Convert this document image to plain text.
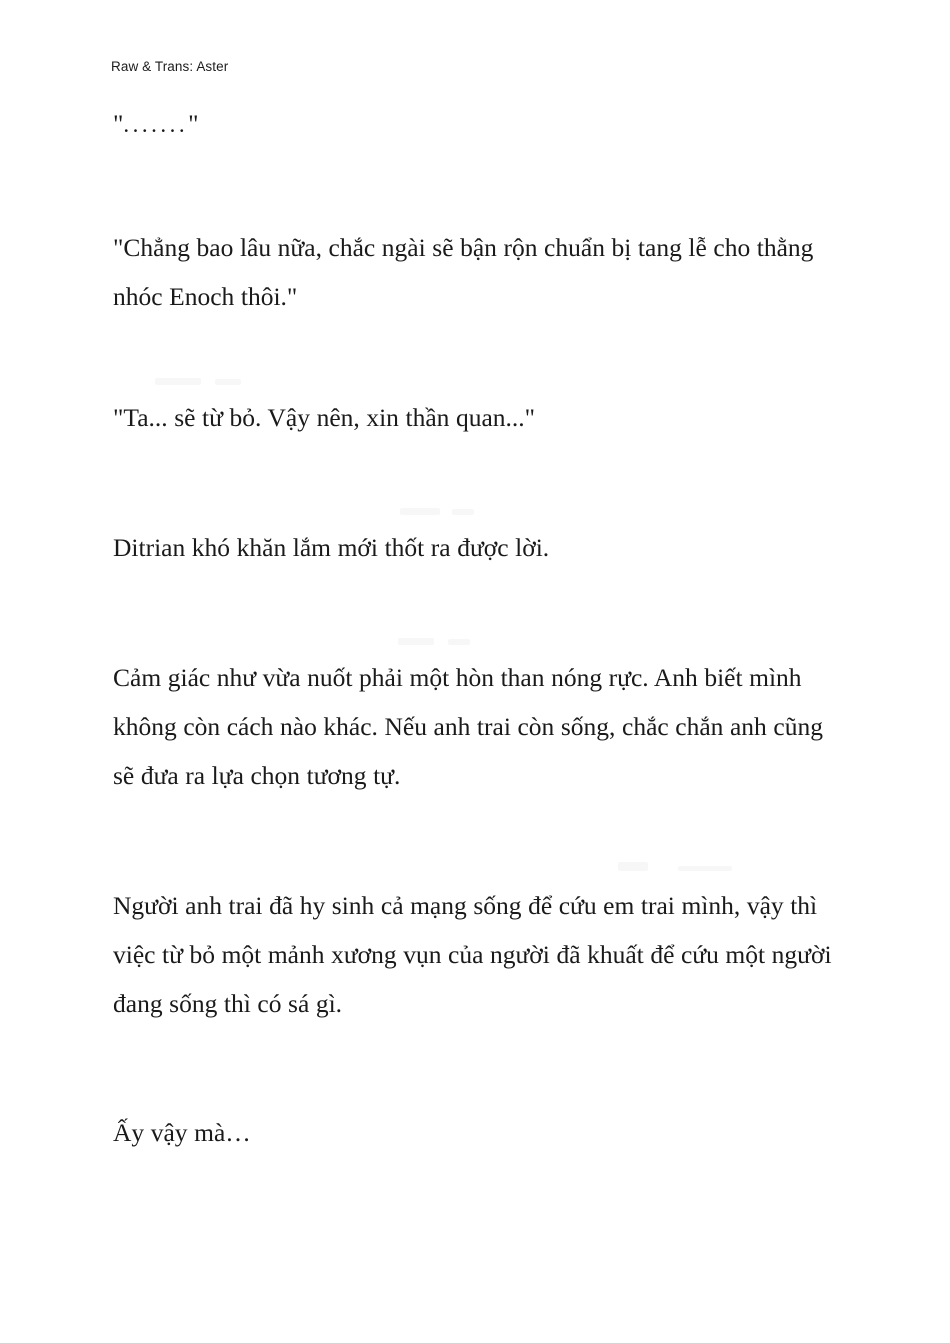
Raw & Trans: Aster
"......."

"Chẳng bao lâu nữa, chắc ngài sẽ bận rộn chuẩn bị tang lễ cho thằng nhóc Enoch thôi."

"Ta... sẽ từ bỏ. Vậy nên, xin thần quan..."

Ditrian khó khăn lắm mới thốt ra được lời.

Cảm giác như vừa nuốt phải một hòn than nóng rực. Anh biết mình không còn cách nào khác. Nếu anh trai còn sống, chắc chắn anh cũng sẽ đưa ra lựa chọn tương tự.

Người anh trai đã hy sinh cả mạng sống để cứu em trai mình, vậy thì việc từ bỏ một mảnh xương vụn của người đã khuất để cứu một người đang sống thì có sá gì.

Ấy vậy mà…
